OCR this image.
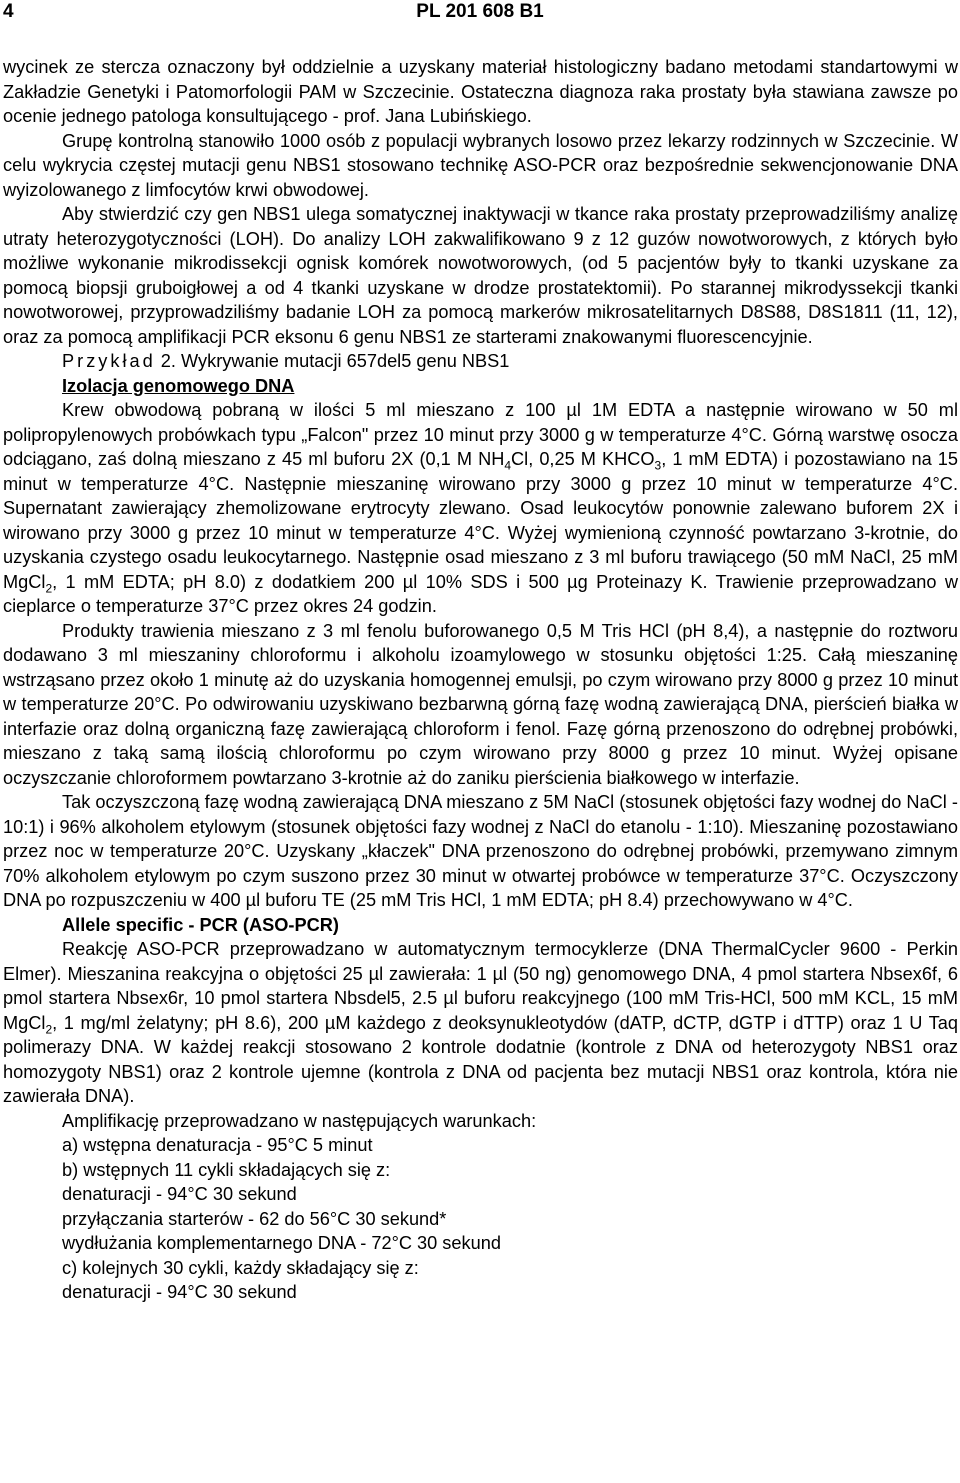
4	PL 201 608 B1

wycinek ze stercza oznaczony był oddzielnie a uzyskany materiał histologiczny badano metodami standartowymi w Zakładzie Genetyki i Patomorfologii PAM w Szczecinie. Ostateczna diagnoza raka prostaty była stawiana zawsze po ocenie jednego patologa konsultującego - prof. Jana Lubińskiego.

Grupę kontrolną stanowiło 1000 osób z populacji wybranych losowo przez lekarzy rodzinnych w Szczecinie. W celu wykrycia częstej mutacji genu NBS1 stosowano technikę ASO-PCR oraz bezpośrednie sekwencjonowanie DNA wyizolowanego z limfocytów krwi obwodowej.

Aby stwierdzić czy gen NBS1 ulega somatycznej inaktywacji w tkance raka prostaty przeprowadziliśmy analizę utraty heterozygotyczności (LOH). Do analizy LOH zakwalifikowano 9 z 12 guzów nowotworowych, z których było możliwe wykonanie mikrodissekcji ognisk komórek nowotworowych, (od 5 pacjentów były to tkanki uzyskane za pomocą biopsji gruboigłowej a od 4 tkanki uzyskane w drodze prostatektomii). Po starannej mikrodyssekcji tkanki nowotworowej, przyprowadziliśmy badanie LOH za pomocą markerów mikrosatelitarnych D8S88, D8S1811 (11, 12), oraz za pomocą amplifikacji PCR eksonu 6 genu NBS1 ze starterami znakowanymi fluorescencyjnie.

Przykład 2. Wykrywanie mutacji 657del5 genu NBS1

Izolacja genomowego DNA

Krew obwodową pobraną w ilości 5 ml mieszano z 100 µl 1M EDTA a następnie wirowano w 50 ml polipropylenowych probówkach typu „Falcon" przez 10 minut przy 3000 g w temperaturze 4°C. Górną warstwę osocza odciągano, zaś dolną mieszano z 45 ml buforu 2X (0,1 M $NH_4Cl$, 0,25 M $KHCO_3$, 1 mM EDTA) i pozostawiano na 15 minut w temperaturze 4°C. Następnie mieszaninę wirowano przy 3000 g przez 10 minut w temperaturze 4°C. Supernatant zawierający zhemolizowane erytrocyty zlewano. Osad leukocytów ponownie zalewano buforem 2X i wirowano przy 3000 g przez 10 minut w temperaturze 4°C. Wyżej wymienioną czynność powtarzano 3-krotnie, do uzyskania czystego osadu leukocytarnego. Następnie osad mieszano z 3 ml buforu trawiącego (50 mM NaCl, 25 mM MgCl$_2$, 1 mM EDTA; pH 8.0) z dodatkiem 200 µl 10% SDS i 500 µg Proteinazy K. Trawienie przeprowadzano w cieplarce o temperaturze 37°C przez okres 24 godzin.

Produkty trawienia mieszano z 3 ml fenolu buforowanego 0,5 M Tris HCl (pH 8,4), a następnie do roztworu dodawano 3 ml mieszaniny chloroformu i alkoholu izoamylowego w stosunku objętości 1:25. Całą mieszaninę wstrząsano przez około 1 minutę aż do uzyskania homogennej emulsji, po czym wirowano przy 8000 g przez 10 minut w temperaturze 20°C. Po odwirowaniu uzyskiwano bezbarwną górną fazę wodną zawierającą DNA, pierścień białka w interfazie oraz dolną organiczną fazę zawierającą chloroform i fenol. Fazę górną przenoszono do odrębnej probówki, mieszano z taką samą ilością chloroformu po czym wirowano przy 8000 g przez 10 minut. Wyżej opisane oczyszczanie chloroformem powtarzano 3-krotnie aż do zaniku pierścienia białkowego w interfazie.

Tak oczyszczoną fazę wodną zawierającą DNA mieszano z 5M NaCl (stosunek objętości fazy wodnej do NaCl - 10:1) i 96% alkoholem etylowym (stosunek objętości fazy wodnej z NaCl do etanolu - 1:10). Mieszaninę pozostawiano przez noc w temperaturze 20°C. Uzyskany „kłaczek" DNA przenoszono do odrębnej probówki, przemywano zimnym 70% alkoholem etylowym po czym suszono przez 30 minut w otwartej probówce w temperaturze 37°C. Oczyszczony DNA po rozpuszczeniu w 400 µl buforu TE (25 mM Tris HCl, 1 mM EDTA; pH 8.4) przechowywano w 4°C.

Allele specific - PCR (ASO-PCR)

Reakcję ASO-PCR przeprowadzano w automatycznym termocyklerze (DNA ThermalCycler 9600 - Perkin Elmer). Mieszanina reakcyjna o objętości 25 µl zawierała: 1 µl (50 ng) genomowego DNA, 4 pmol startera Nbsex6f, 6 pmol startera Nbsex6r, 10 pmol startera Nbsdel5, 2.5 µl buforu reakcyjnego (100 mM Tris-HCl, 500 mM KCL, 15 mM MgCl$_2$, 1 mg/ml żelatyny; pH 8.6), 200 µM każdego z deoksynukleotydów (dATP, dCTP, dGTP i dTTP) oraz 1 U Taq polimerazy DNA. W każdej reakcji stosowano 2 kontrole dodatnie (kontrole z DNA od heterozygoty NBS1 oraz homozygoty NBS1) oraz 2 kontrole ujemne (kontrola z DNA od pacjenta bez mutacji NBS1 oraz kontrola, która nie zawierała DNA).

Amplifikację przeprowadzano w następujących warunkach:

a) wstępna denaturacja - 95°C 5 minut
b) wstępnych 11 cykli składających się z:
denaturacji - 94°C 30 sekund
przyłączania starterów - 62 do 56°C 30 sekund*
wydłużania komplementarnego DNA - 72°C 30 sekund
c) kolejnych 30 cykli, każdy składający się z:
denaturacji - 94°C 30 sekund
